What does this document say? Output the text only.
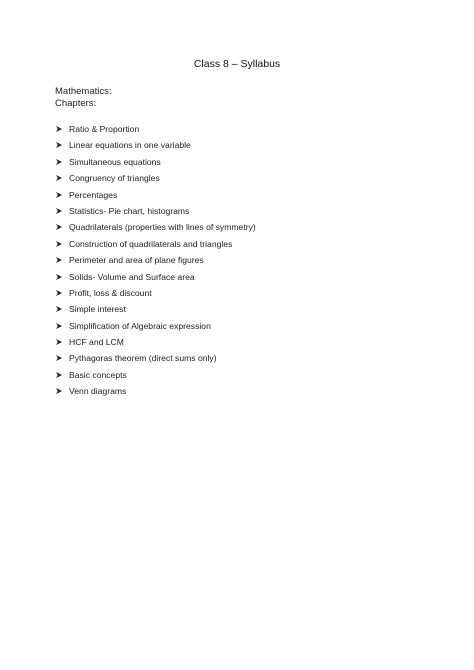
Class 8 – Syllabus
Mathematics:
Chapters:
Ratio & Proportion
Linear equations in one variable
Simultaneous equations
Congruency of triangles
Percentages
Statistics- Pie chart, histograms
Quadrilaterals (properties with lines of symmetry)
Construction of quadrilaterals and triangles
Perimeter and area of plane figures
Solids- Volume and Surface area
Profit, loss & discount
Simple interest
Simplification of Algebraic expression
HCF and LCM
Pythagoras theorem (direct sums only)
Basic concepts
Venn diagrams
